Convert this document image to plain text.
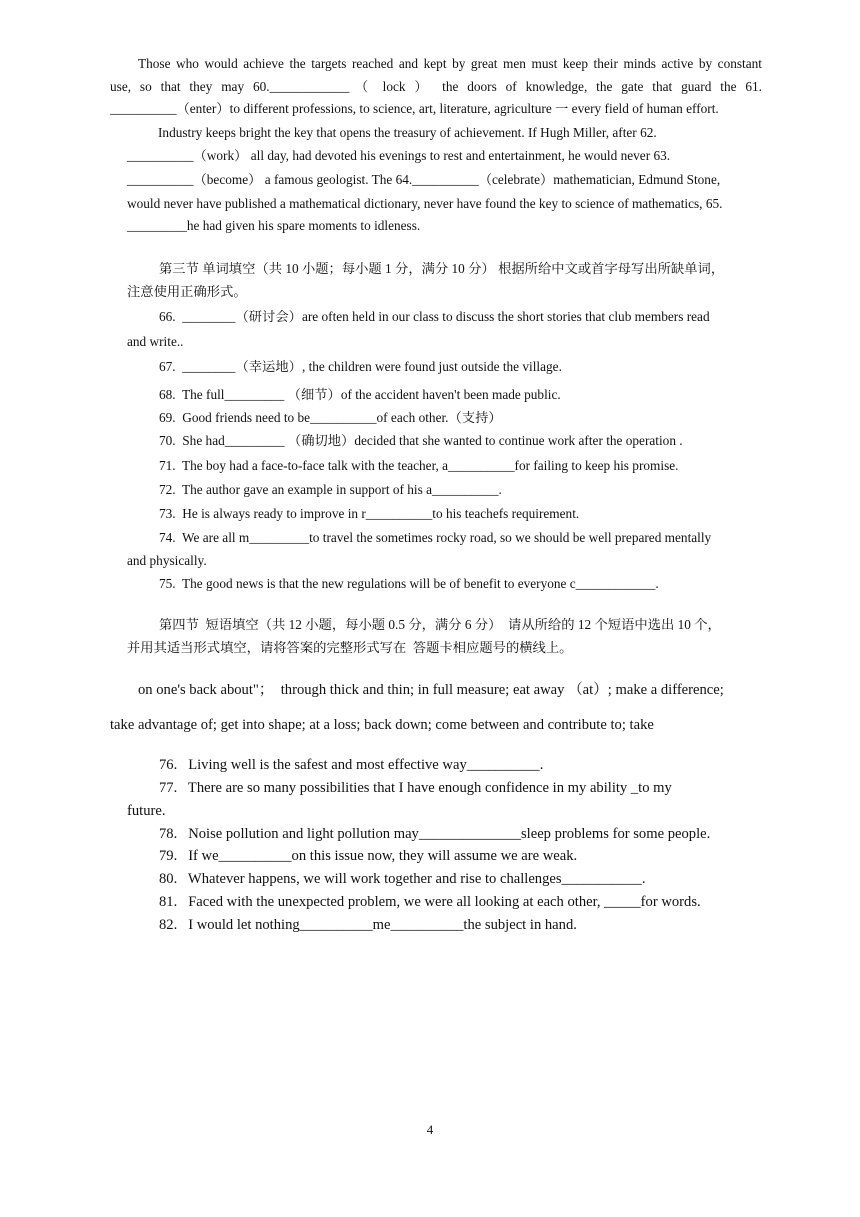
Those who would achieve the targets reached and kept by great men must keep their minds active by constant
use, so that they may 60.____________（ lock ） the doors of knowledge, the gate that guard the 61.
__________（enter）to different professions, to science, art, literature, agriculture 一 every field of human effort.
Industry keeps bright the key that opens the treasury of achievement. If Hugh Miller, after 62.
__________（work） all day, had devoted his evenings to rest and entertainment, he would never 63.
__________（become） a famous geologist. The 64.__________（celebrate）mathematician, Edmund Stone,
would never have published a mathematical dictionary, never have found the key to science of mathematics, 65.
_________he had given his spare moments to idleness.
第三节 单词填空（共 10 小题；每小题 1 分，满分 10 分） 根据所给中文或首字母写出所缺单词，
注意使用正确形式。
66.  ________（研讨会）are often held in our class to discuss the short stories that club members read
and write..
67.  ________（幸运地）, the children were found just outside the village.
68.  The full_________ （细节）of the accident haven't been made public.
69.  Good friends need to be__________of each other.（支持）
70.  She had_________ （确切地）decided that she wanted to continue work after the operation .
71.  The boy had a face-to-face talk with the teacher, a__________for failing to keep his promise.
72.  The author gave an example in support of his a__________.
73.  He is always ready to improve in r__________to his teachefs requirement.
74.  We are all m_________to travel the sometimes rocky road, so we should be well prepared mentally
and physically.
75.  The good news is that the new regulations will be of benefit to everyone c____________.
第四节  短语填空（共 12 小题，每小题 0.5 分，满分 6 分）  请从所给的 12 个短语中选出 10 个，
并用其适当形式填空，请将答案的完整形式写在  答题卡相应题号的横线上。
on one's back about"；  through thick and thin; in full measure; eat away （at）; make a difference;
take advantage of; get into shape; at a loss; back down; come between and contribute to; take
76.   Living well is the safest and most effective way__________.
77.   There are so many possibilities that I have enough confidence in my ability _to my
future.
78.   Noise pollution and light pollution may______________sleep problems for some people.
79.   If we__________on this issue now, they will assume we are weak.
80.   Whatever happens, we will work together and rise to challenges___________.
81.   Faced with the unexpected problem, we were all looking at each other, _____for words.
82.   I would let nothing__________me__________the subject in hand.
4
